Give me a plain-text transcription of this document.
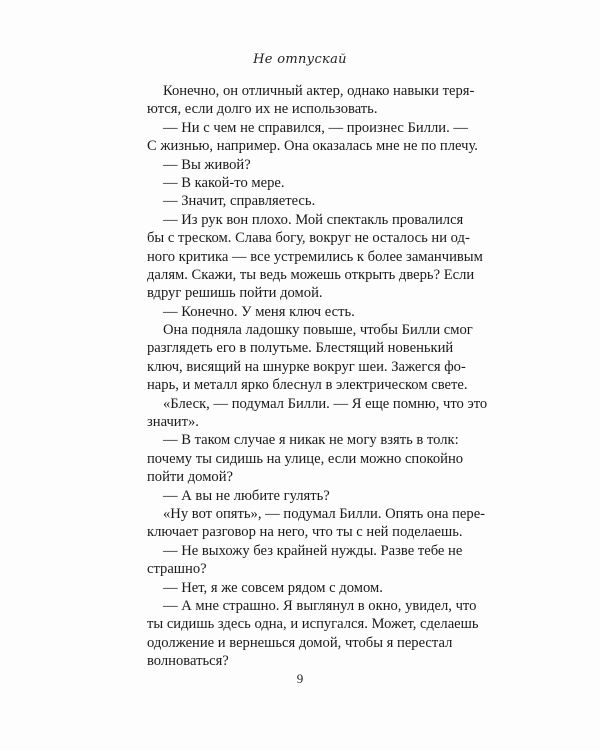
Не отпускай
Конечно, он отличный актер, однако навыки теря-
ются, если долго их не использовать.
— Ни с чем не справился, — произнес Билли. —
С жизнью, например. Она оказалась мне не по плечу.
— Вы живой?
— В какой-то мере.
— Значит, справляетесь.
— Из рук вон плохо. Мой спектакль провалился
бы с треском. Слава богу, вокруг не осталось ни од-
ного критика — все устремились к более заманчивым
далям. Скажи, ты ведь можешь открыть дверь? Если
вдруг решишь пойти домой.
— Конечно. У меня ключ есть.
Она подняла ладошку повыше, чтобы Билли смог
разглядеть его в полутьме. Блестящий новенький
ключ, висящий на шнурке вокруг шеи. Зажегся фо-
нарь, и металл ярко блеснул в электрическом свете.
«Блеск, — подумал Билли. — Я еще помню, что это
значит».
— В таком случае я никак не могу взять в толк:
почему ты сидишь на улице, если можно спокойно
пойти домой?
— А вы не любите гулять?
«Ну вот опять», — подумал Билли. Опять она пере-
ключает разговор на него, что ты с ней поделаешь.
— Не выхожу без крайней нужды. Разве тебе не
страшно?
— Нет, я же совсем рядом с домом.
— А мне страшно. Я выглянул в окно, увидел, что
ты сидишь здесь одна, и испугался. Может, сделаешь
одолжение и вернешься домой, чтобы я перестал
волноваться?
9
